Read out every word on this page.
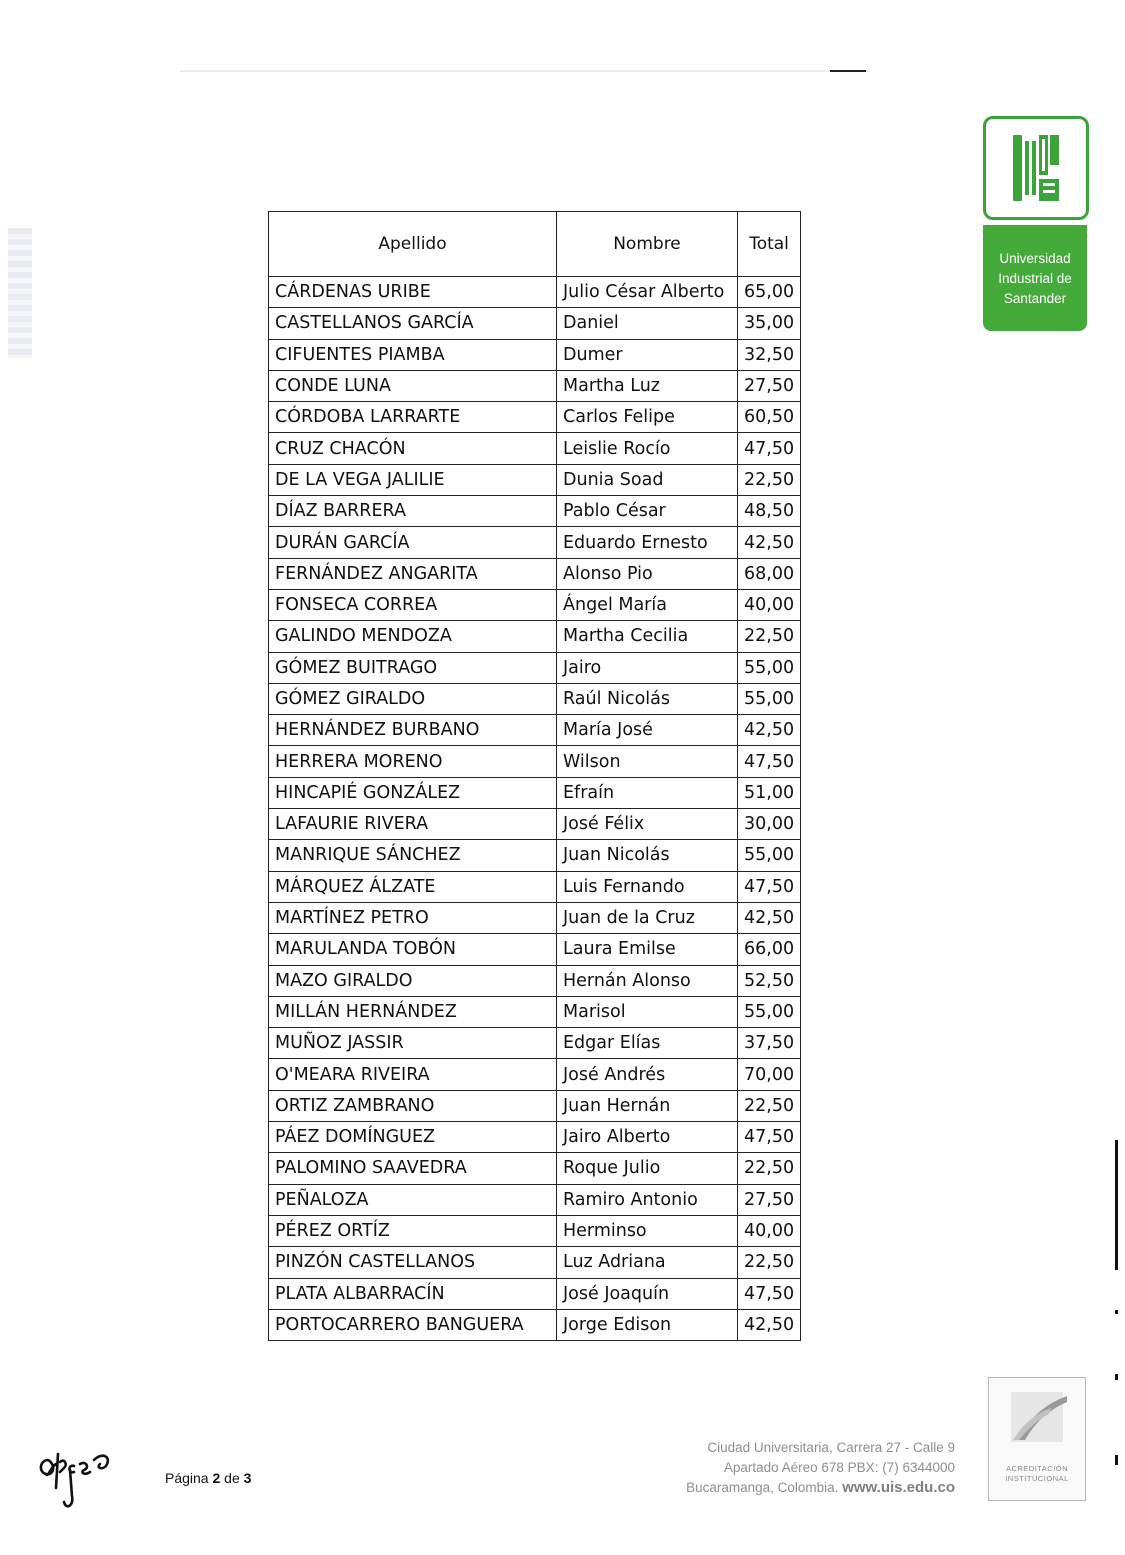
Universidad
Industrial de
Santander
Apellido	Nombre	Total
CÁRDENAS URIBE	Julio César Alberto	65,00
CASTELLANOS GARCÍA	Daniel	35,00
CIFUENTES PIAMBA	Dumer	32,50
CONDE LUNA	Martha Luz	27,50
CÓRDOBA LARRARTE	Carlos Felipe	60,50
CRUZ CHACÓN	Leislie Rocío	47,50
DE LA VEGA JALILIE	Dunia Soad	22,50
DÍAZ BARRERA	Pablo César	48,50
DURÁN GARCÍA	Eduardo Ernesto	42,50
FERNÁNDEZ ANGARITA	Alonso Pio	68,00
FONSECA CORREA	Ángel María	40,00
GALINDO MENDOZA	Martha Cecilia	22,50
GÓMEZ BUITRAGO	Jairo	55,00
GÓMEZ GIRALDO	Raúl Nicolás	55,00
HERNÁNDEZ BURBANO	María José	42,50
HERRERA MORENO	Wilson	47,50
HINCAPIÉ GONZÁLEZ	Efraín	51,00
LAFAURIE RIVERA	José Félix	30,00
MANRIQUE SÁNCHEZ	Juan Nicolás	55,00
MÁRQUEZ ÁLZATE	Luis Fernando	47,50
MARTÍNEZ PETRO	Juan de la Cruz	42,50
MARULANDA TOBÓN	Laura Emilse	66,00
MAZO GIRALDO	Hernán Alonso	52,50
MILLÁN HERNÁNDEZ	Marisol	55,00
MUÑOZ JASSIR	Edgar Elías	37,50
O'MEARA RIVEIRA	José Andrés	70,00
ORTIZ ZAMBRANO	Juan Hernán	22,50
PÁEZ DOMÍNGUEZ	Jairo Alberto	47,50
PALOMINO SAAVEDRA	Roque Julio	22,50
PEÑALOZA	Ramiro Antonio	27,50
PÉREZ ORTÍZ	Herminso	40,00
PINZÓN CASTELLANOS	Luz Adriana	22,50
PLATA ALBARRACÍN	José Joaquín	47,50
PORTOCARRERO BANGUERA	Jorge Edison	42,50
Página 2 de 3
Ciudad Universitaria, Carrera 27 - Calle 9
Apartado Aéreo 678 PBX: (7) 6344000
Bucaramanga, Colombia. www.uis.edu.co
ACREDITACIÓN
INSTITUCIONAL
